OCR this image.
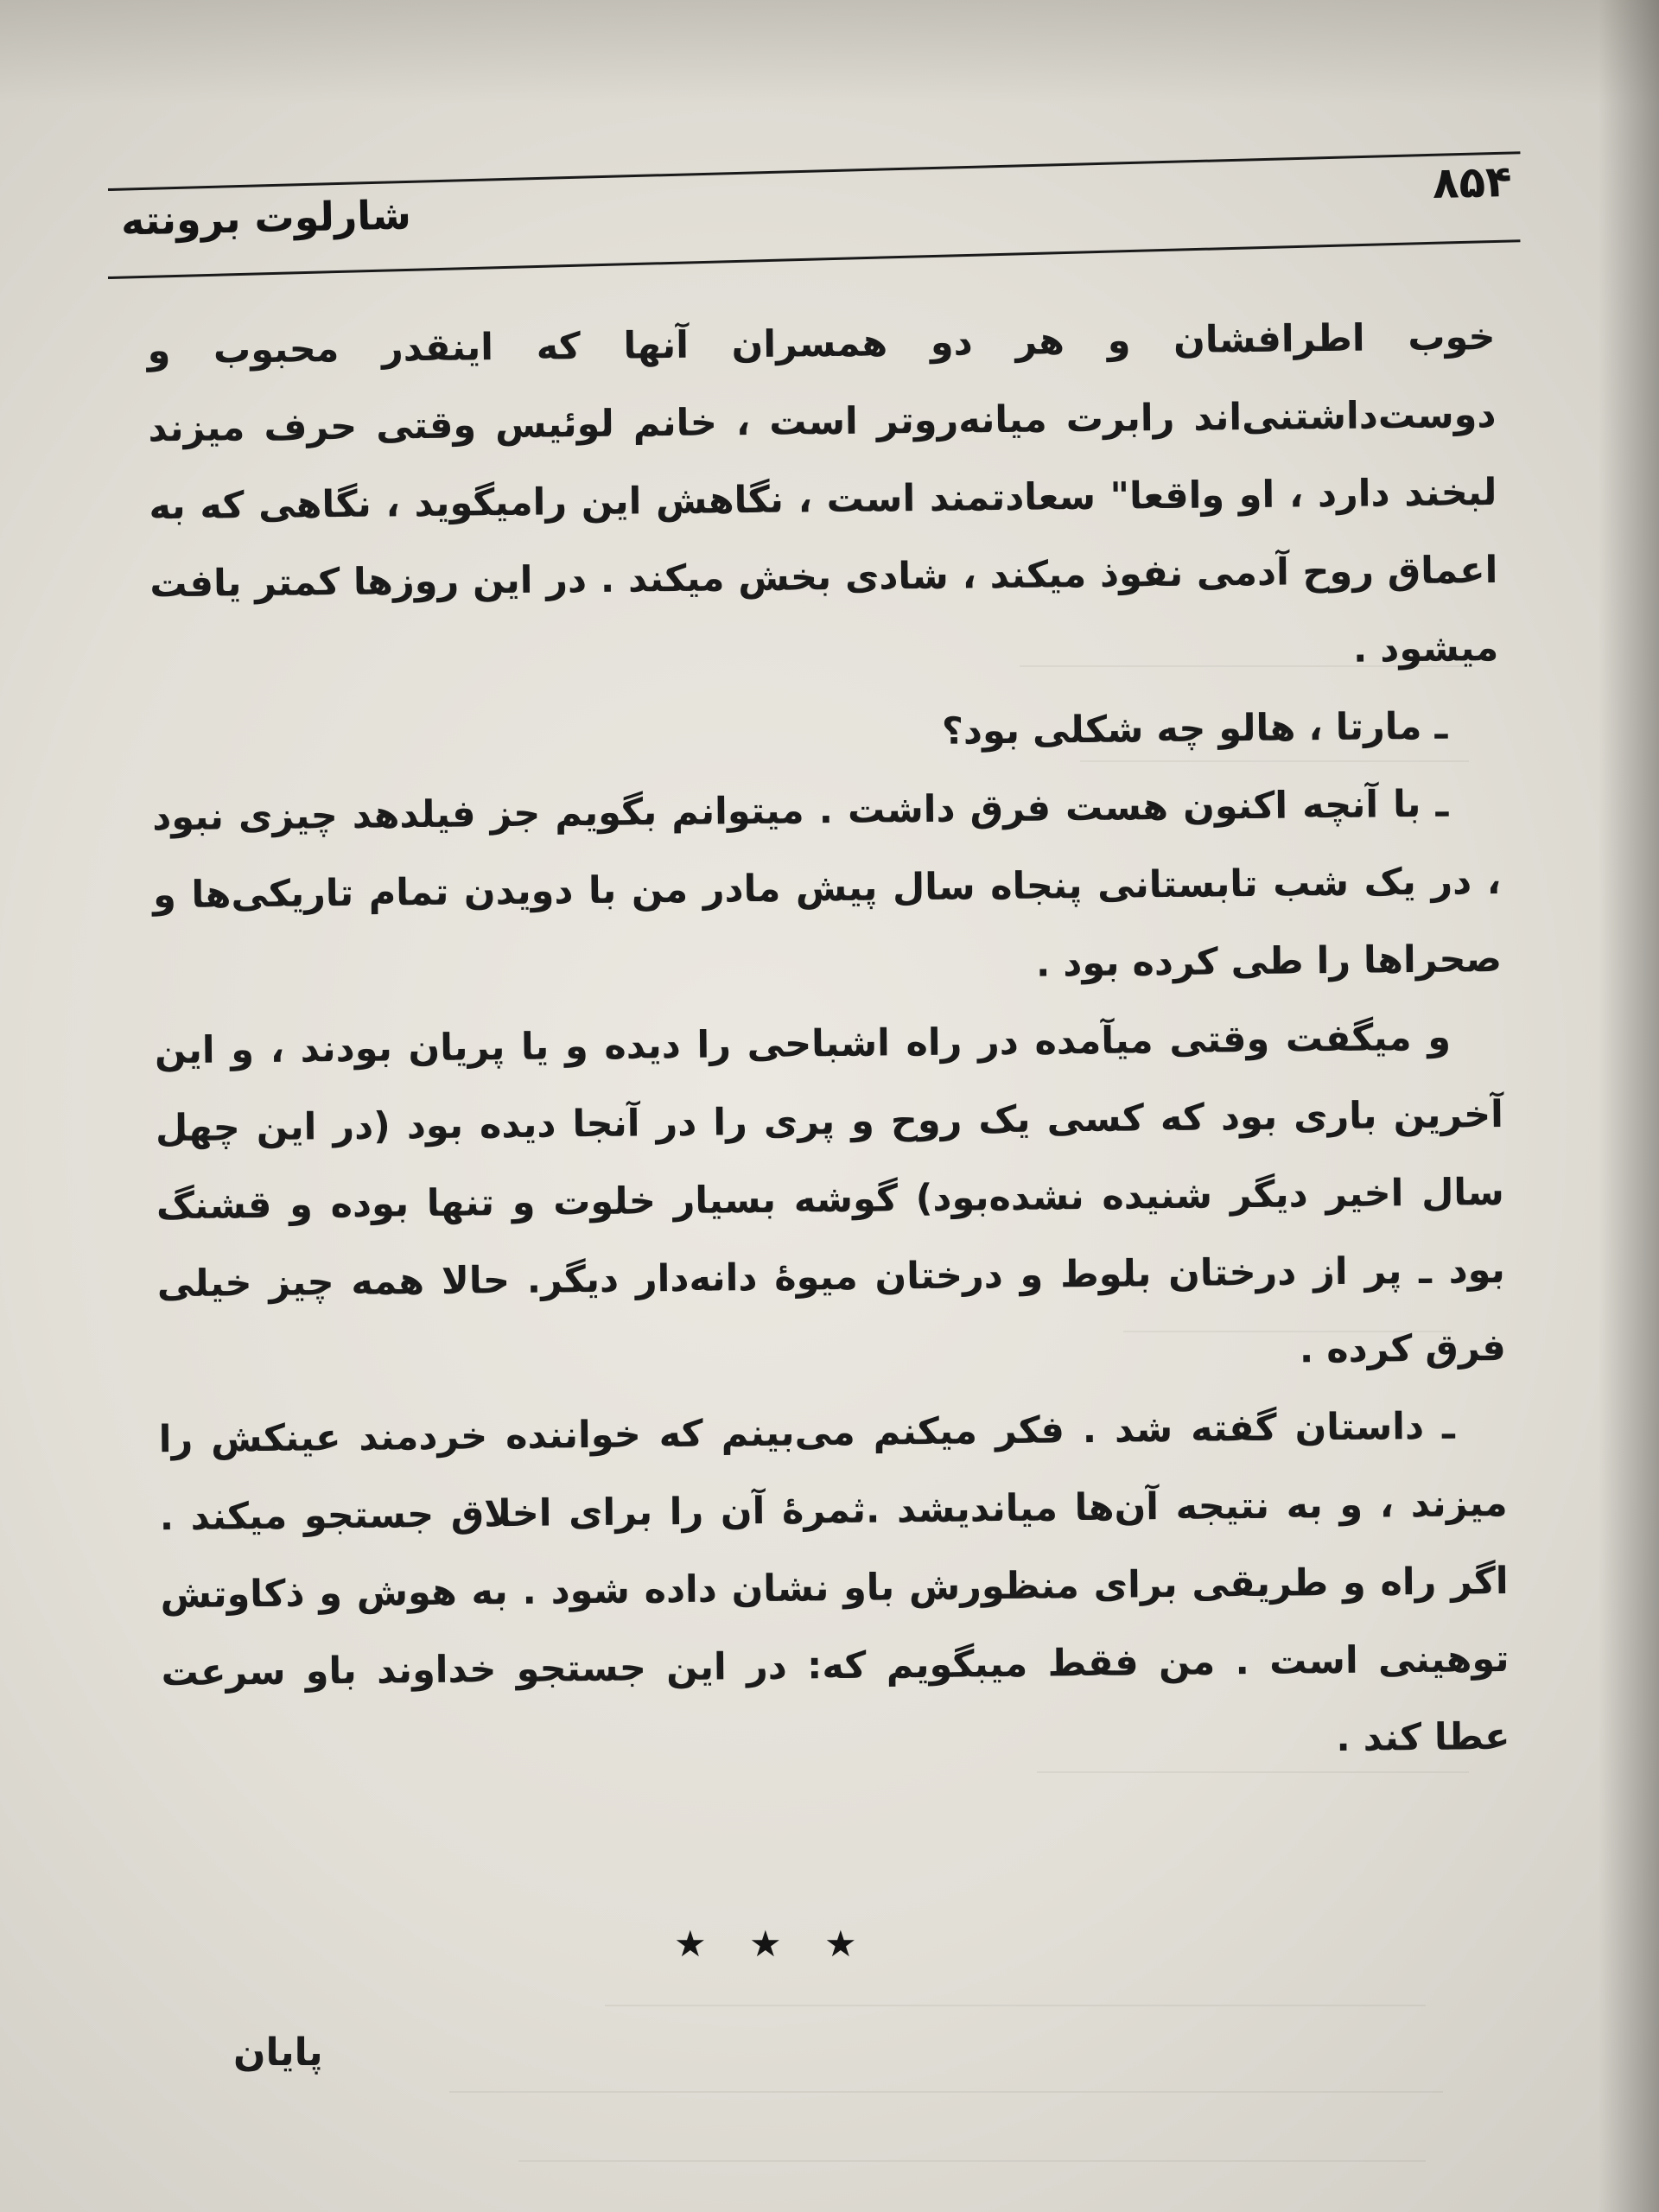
۸۵۴
شارلوت برونته

خوب اطرافشان و هر دو همسران آنها که اینقدر محبوب و دوست‌داشتنی‌اند رابرت میانه‌روتر است ، خانم لوئیس وقتی حرف میزند لبخند دارد ، او واقعا" سعادتمند است ، نگاهش این رامیگوید ، نگاهی که به اعماق روح آدمی نفوذ میکند ، شادی بخش میکند . در این روزها کمتر یافت میشود .

ـ مارتا ، هالو چه شکلی بود؟

ـ با آنچه اکنون هست فرق داشت . میتوانم بگویم جز فیلدهد چیزی نبود ، در یک شب تابستانی پنجاه سال پیش مادر من با دویدن تمام تاریکی‌ها و صحراها را طی کرده بود .

و میگفت وقتی میآمده در راه اشباحی را دیده و یا پریان بودند ، و این آخرین باری بود که کسی یک روح و پری را در آنجا دیده بود (در این چهل سال اخیر دیگر شنیده نشده‌بود) گوشه بسیار خلوت و تنها بوده و قشنگ بود ـ پر از درختان بلوط و درختان میوهٔ دانه‌دار دیگر. حالا همه چیز خیلی فرق کرده .

ـ داستان گفته شد . فکر میکنم می‌بینم که خواننده خردمند عینکش را میزند ، و به نتیجه آن‌ها میاندیشد .ثمرهٔ آن را برای اخلاق جستجو میکند . اگر راه و طریقی برای منظورش باو نشان داده شود . به هوش و ذکاوتش توهینی است . من فقط میبگویم که: در این جستجو خداوند باو سرعت عطا کند .

★ ★ ★
پایان
